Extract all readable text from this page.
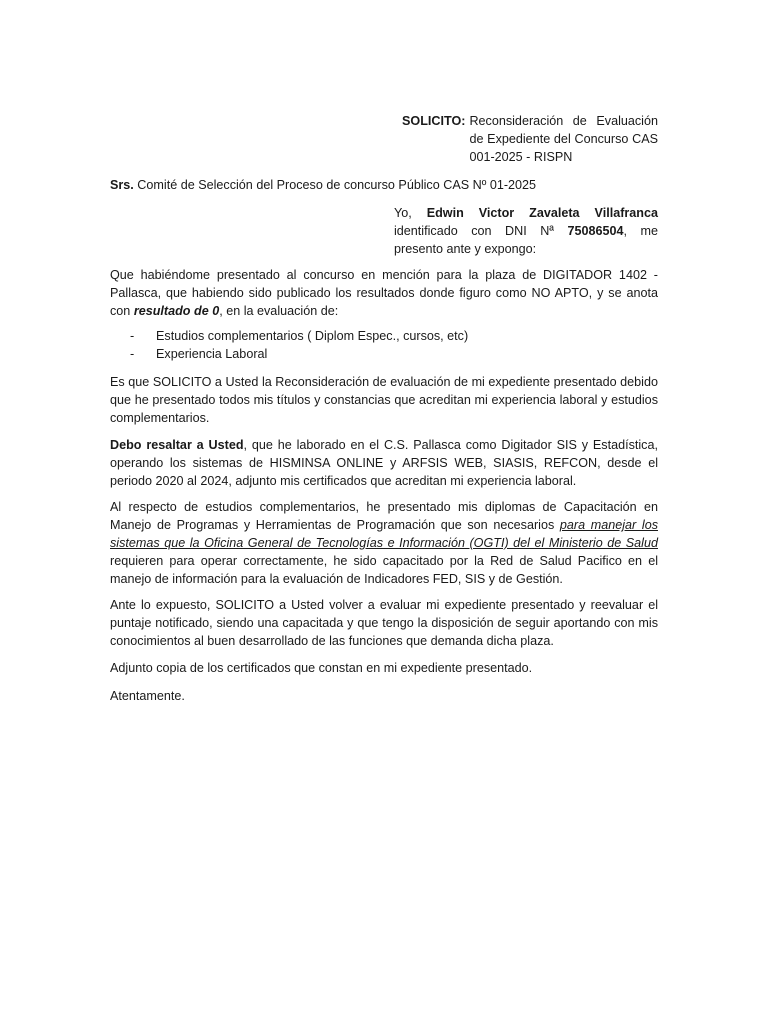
SOLICITO: Reconsideración de Evaluación de Expediente del Concurso CAS 001-2025 - RISPN
Srs. Comité de Selección del Proceso de concurso Público CAS Nº 01-2025
Yo, Edwin Victor Zavaleta Villafranca identificado con DNI Nª 75086504, me presento ante y expongo:
Que habiéndome presentado al concurso en mención para la plaza de DIGITADOR 1402 - Pallasca, que habiendo sido publicado los resultados donde figuro como NO APTO, y se anota con resultado de 0, en la evaluación de:
-	Estudios complementarios ( Diplom Espec., cursos, etc)
-	Experiencia Laboral
Es que SOLICITO a Usted la Reconsideración de evaluación de mi expediente presentado debido que he presentado todos mis títulos y constancias que acreditan mi experiencia laboral y estudios complementarios.
Debo resaltar a Usted, que he laborado en el C.S. Pallasca como Digitador SIS y Estadística, operando los sistemas de HISMINSA ONLINE y ARFSIS WEB, SIASIS, REFCON, desde el periodo 2020 al 2024, adjunto mis certificados que acreditan mi experiencia laboral.
Al respecto de estudios complementarios, he presentado mis diplomas de Capacitación en Manejo de Programas y Herramientas de Programación que son necesarios para manejar los sistemas que la Oficina General de Tecnologías e Información (OGTI) del el Ministerio de Salud requieren para operar correctamente, he sido capacitado por la Red de Salud Pacifico en el manejo de información para la evaluación de Indicadores FED, SIS y de Gestión.
Ante lo expuesto, SOLICITO a Usted volver a evaluar mi expediente presentado y reevaluar el puntaje notificado, siendo una capacitada y que tengo la disposición de seguir aportando con mis conocimientos al buen desarrollado de las funciones que demanda dicha plaza.
Adjunto copia de los certificados que constan en mi expediente presentado.
Atentamente.
